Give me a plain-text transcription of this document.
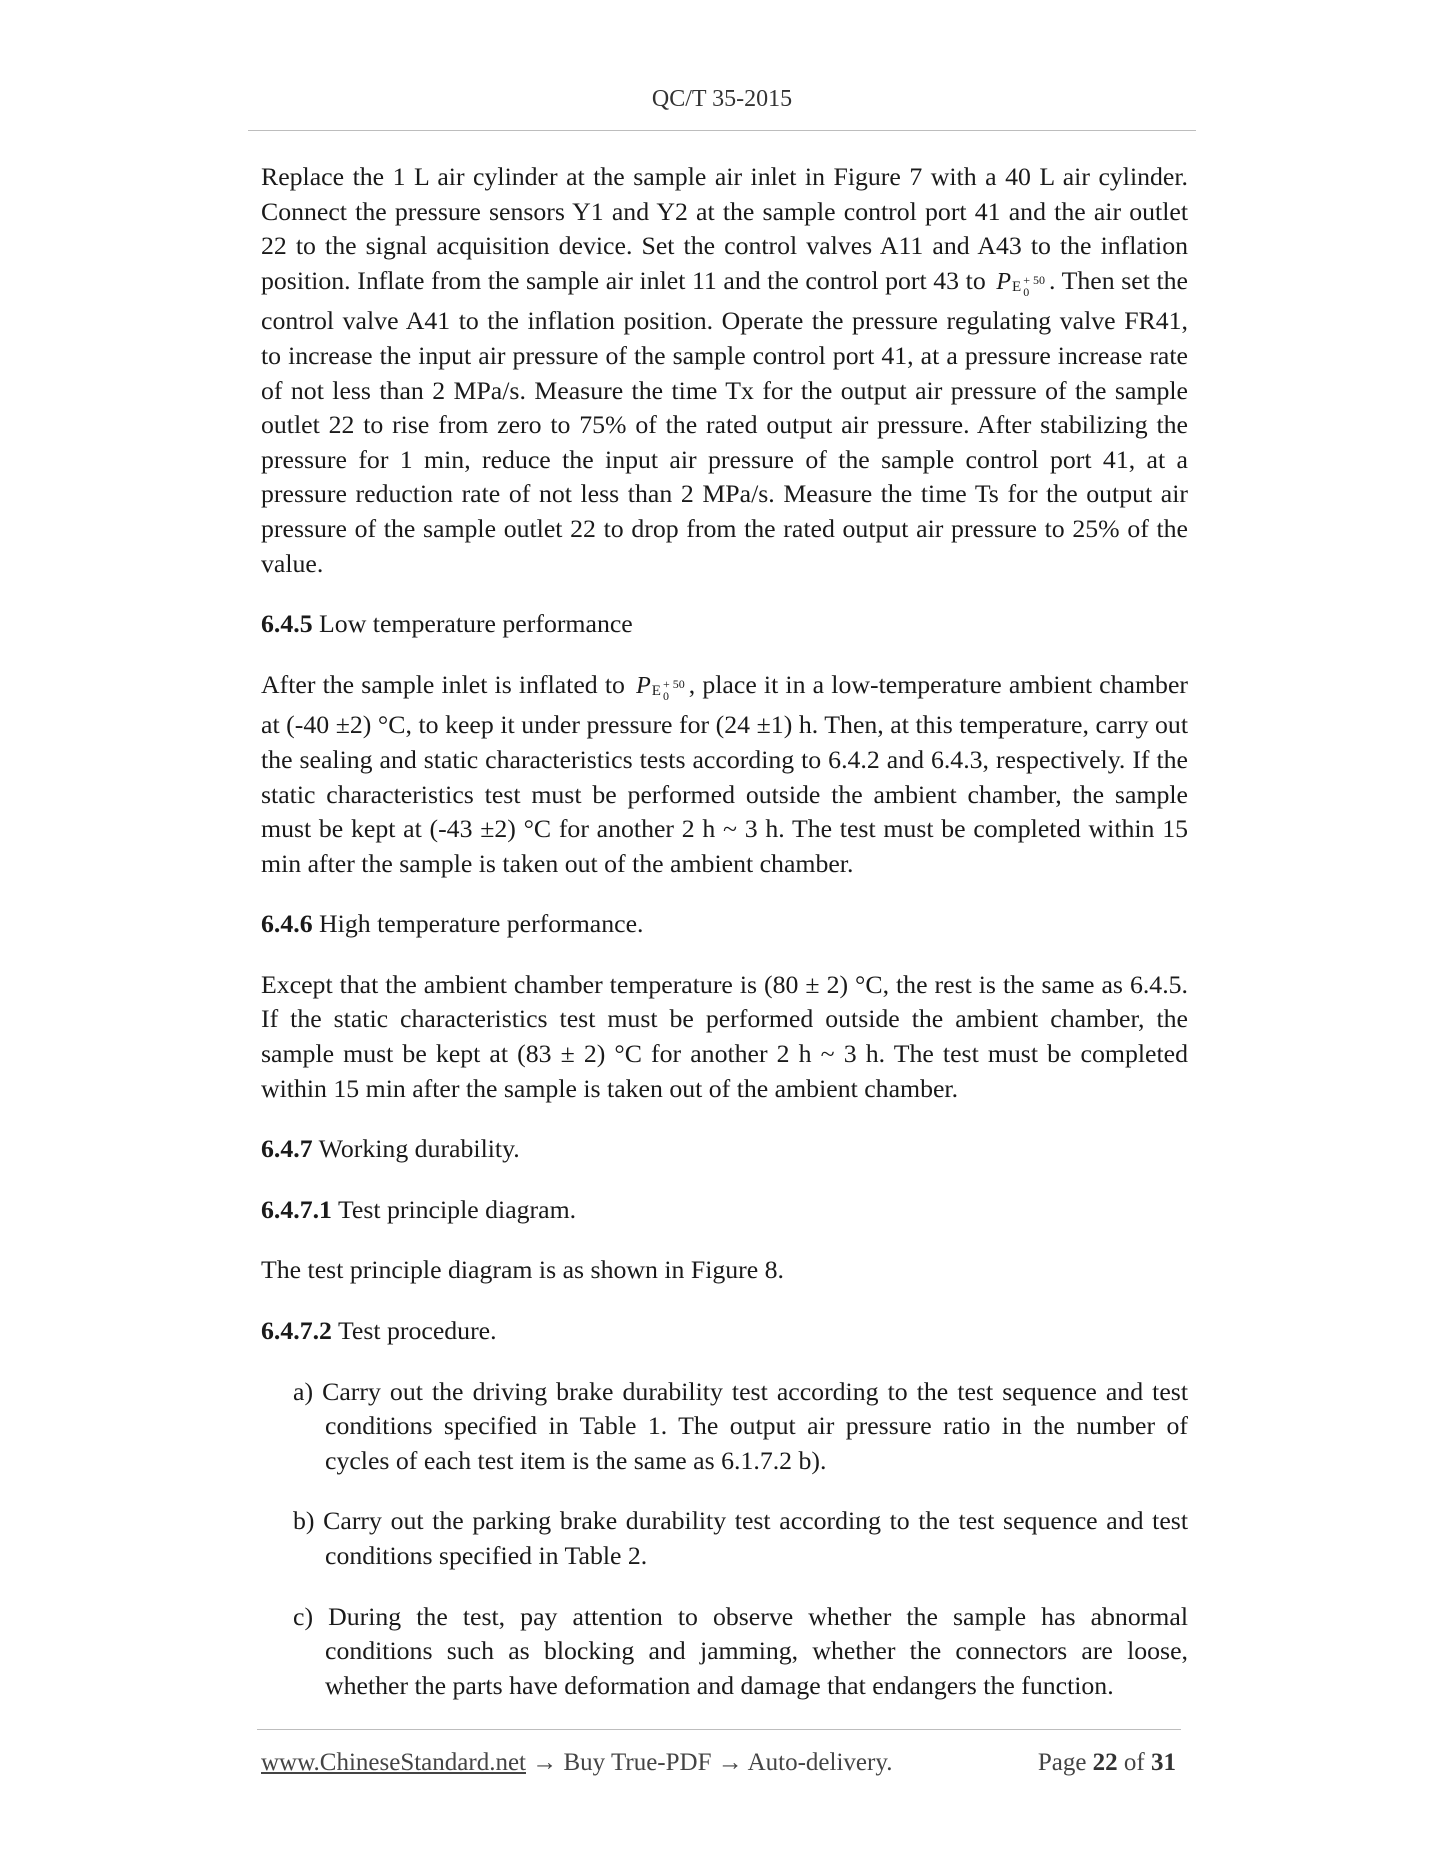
QC/T 35-2015

Replace the 1 L air cylinder at the sample air inlet in Figure 7 with a 40 L air cylinder. Connect the pressure sensors Y1 and Y2 at the sample control port 41 and the air outlet 22 to the signal acquisition device. Set the control valves A11 and A43 to the inflation position. Inflate from the sample air inlet 11 and the control port 43 to PE + 50
0 . Then set the control valve A41 to the inflation position. Operate the pressure regulating valve FR41, to increase the input air pressure of the sample control port 41, at a pressure increase rate of not less than 2 MPa/s. Measure the time Tx for the output air pressure of the sample outlet 22 to rise from zero to 75% of the rated output air pressure. After stabilizing the pressure for 1 min, reduce the input air pressure of the sample control port 41, at a pressure reduction rate of not less than 2 MPa/s. Measure the time Ts for the output air pressure of the sample outlet 22 to drop from the rated output air pressure to 25% of the value.

6.4.5 Low temperature performance

After the sample inlet is inflated to PE + 50
0 , place it in a low-temperature ambient chamber at (-40 ±2) °C, to keep it under pressure for (24 ±1) h. Then, at this temperature, carry out the sealing and static characteristics tests according to 6.4.2 and 6.4.3, respectively. If the static characteristics test must be performed outside the ambient chamber, the sample must be kept at (-43 ±2) °C for another 2 h ~ 3 h. The test must be completed within 15 min after the sample is taken out of the ambient chamber.

6.4.6 High temperature performance.

Except that the ambient chamber temperature is (80 ± 2) °C, the rest is the same as 6.4.5. If the static characteristics test must be performed outside the ambient chamber, the sample must be kept at (83 ± 2) °C for another 2 h ~ 3 h. The test must be completed within 15 min after the sample is taken out of the ambient chamber.

6.4.7 Working durability.

6.4.7.1 Test principle diagram.

The test principle diagram is as shown in Figure 8.

6.4.7.2 Test procedure.

a) Carry out the driving brake durability test according to the test sequence and test conditions specified in Table 1. The output air pressure ratio in the number of cycles of each test item is the same as 6.1.7.2 b).

b) Carry out the parking brake durability test according to the test sequence and test conditions specified in Table 2.

c) During the test, pay attention to observe whether the sample has abnormal conditions such as blocking and jamming, whether the connectors are loose, whether the parts have deformation and damage that endangers the function.

www.ChineseStandard.net → Buy True-PDF → Auto-delivery.	Page 22 of 31
